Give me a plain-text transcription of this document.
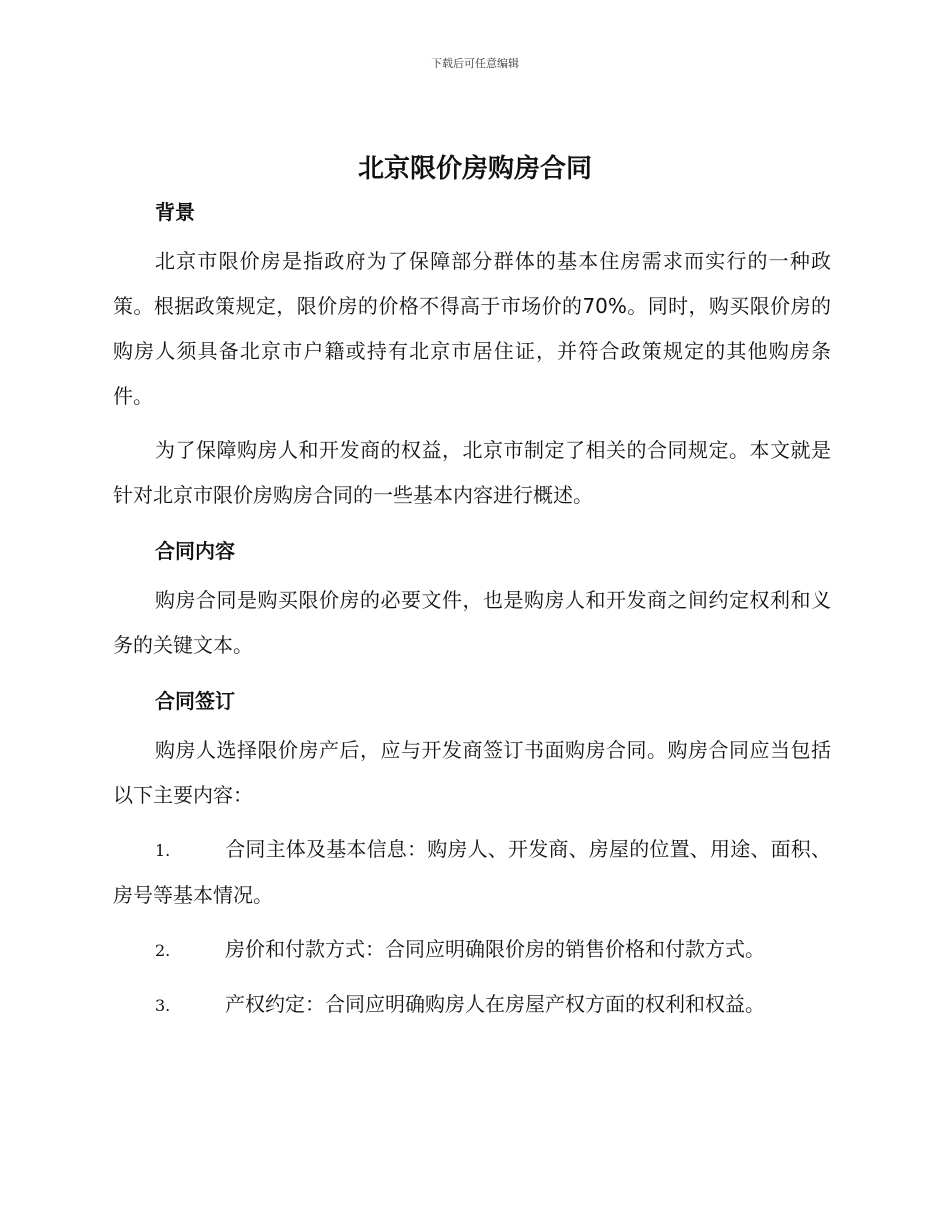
下载后可任意编辑

北京限价房购房合同
背景

北京市限价房是指政府为了保障部分群体的基本住房需求而实行的一种政策。根据政策规定，限价房的价格不得高于市场价的70%。同时，购买限价房的购房人须具备北京市户籍或持有北京市居住证，并符合政策规定的其他购房条件。

为了保障购房人和开发商的权益，北京市制定了相关的合同规定。本文就是针对北京市限价房购房合同的一些基本内容进行概述。

合同内容

购房合同是购买限价房的必要文件，也是购房人和开发商之间约定权利和义务的关键文本。

合同签订

购房人选择限价房产后，应与开发商签订书面购房合同。购房合同应当包括以下主要内容：

1.	合同主体及基本信息：购房人、开发商、房屋的位置、用途、面积、房号等基本情况。

2.	房价和付款方式：合同应明确限价房的销售价格和付款方式。

3.	产权约定：合同应明确购房人在房屋产权方面的权利和权益。
